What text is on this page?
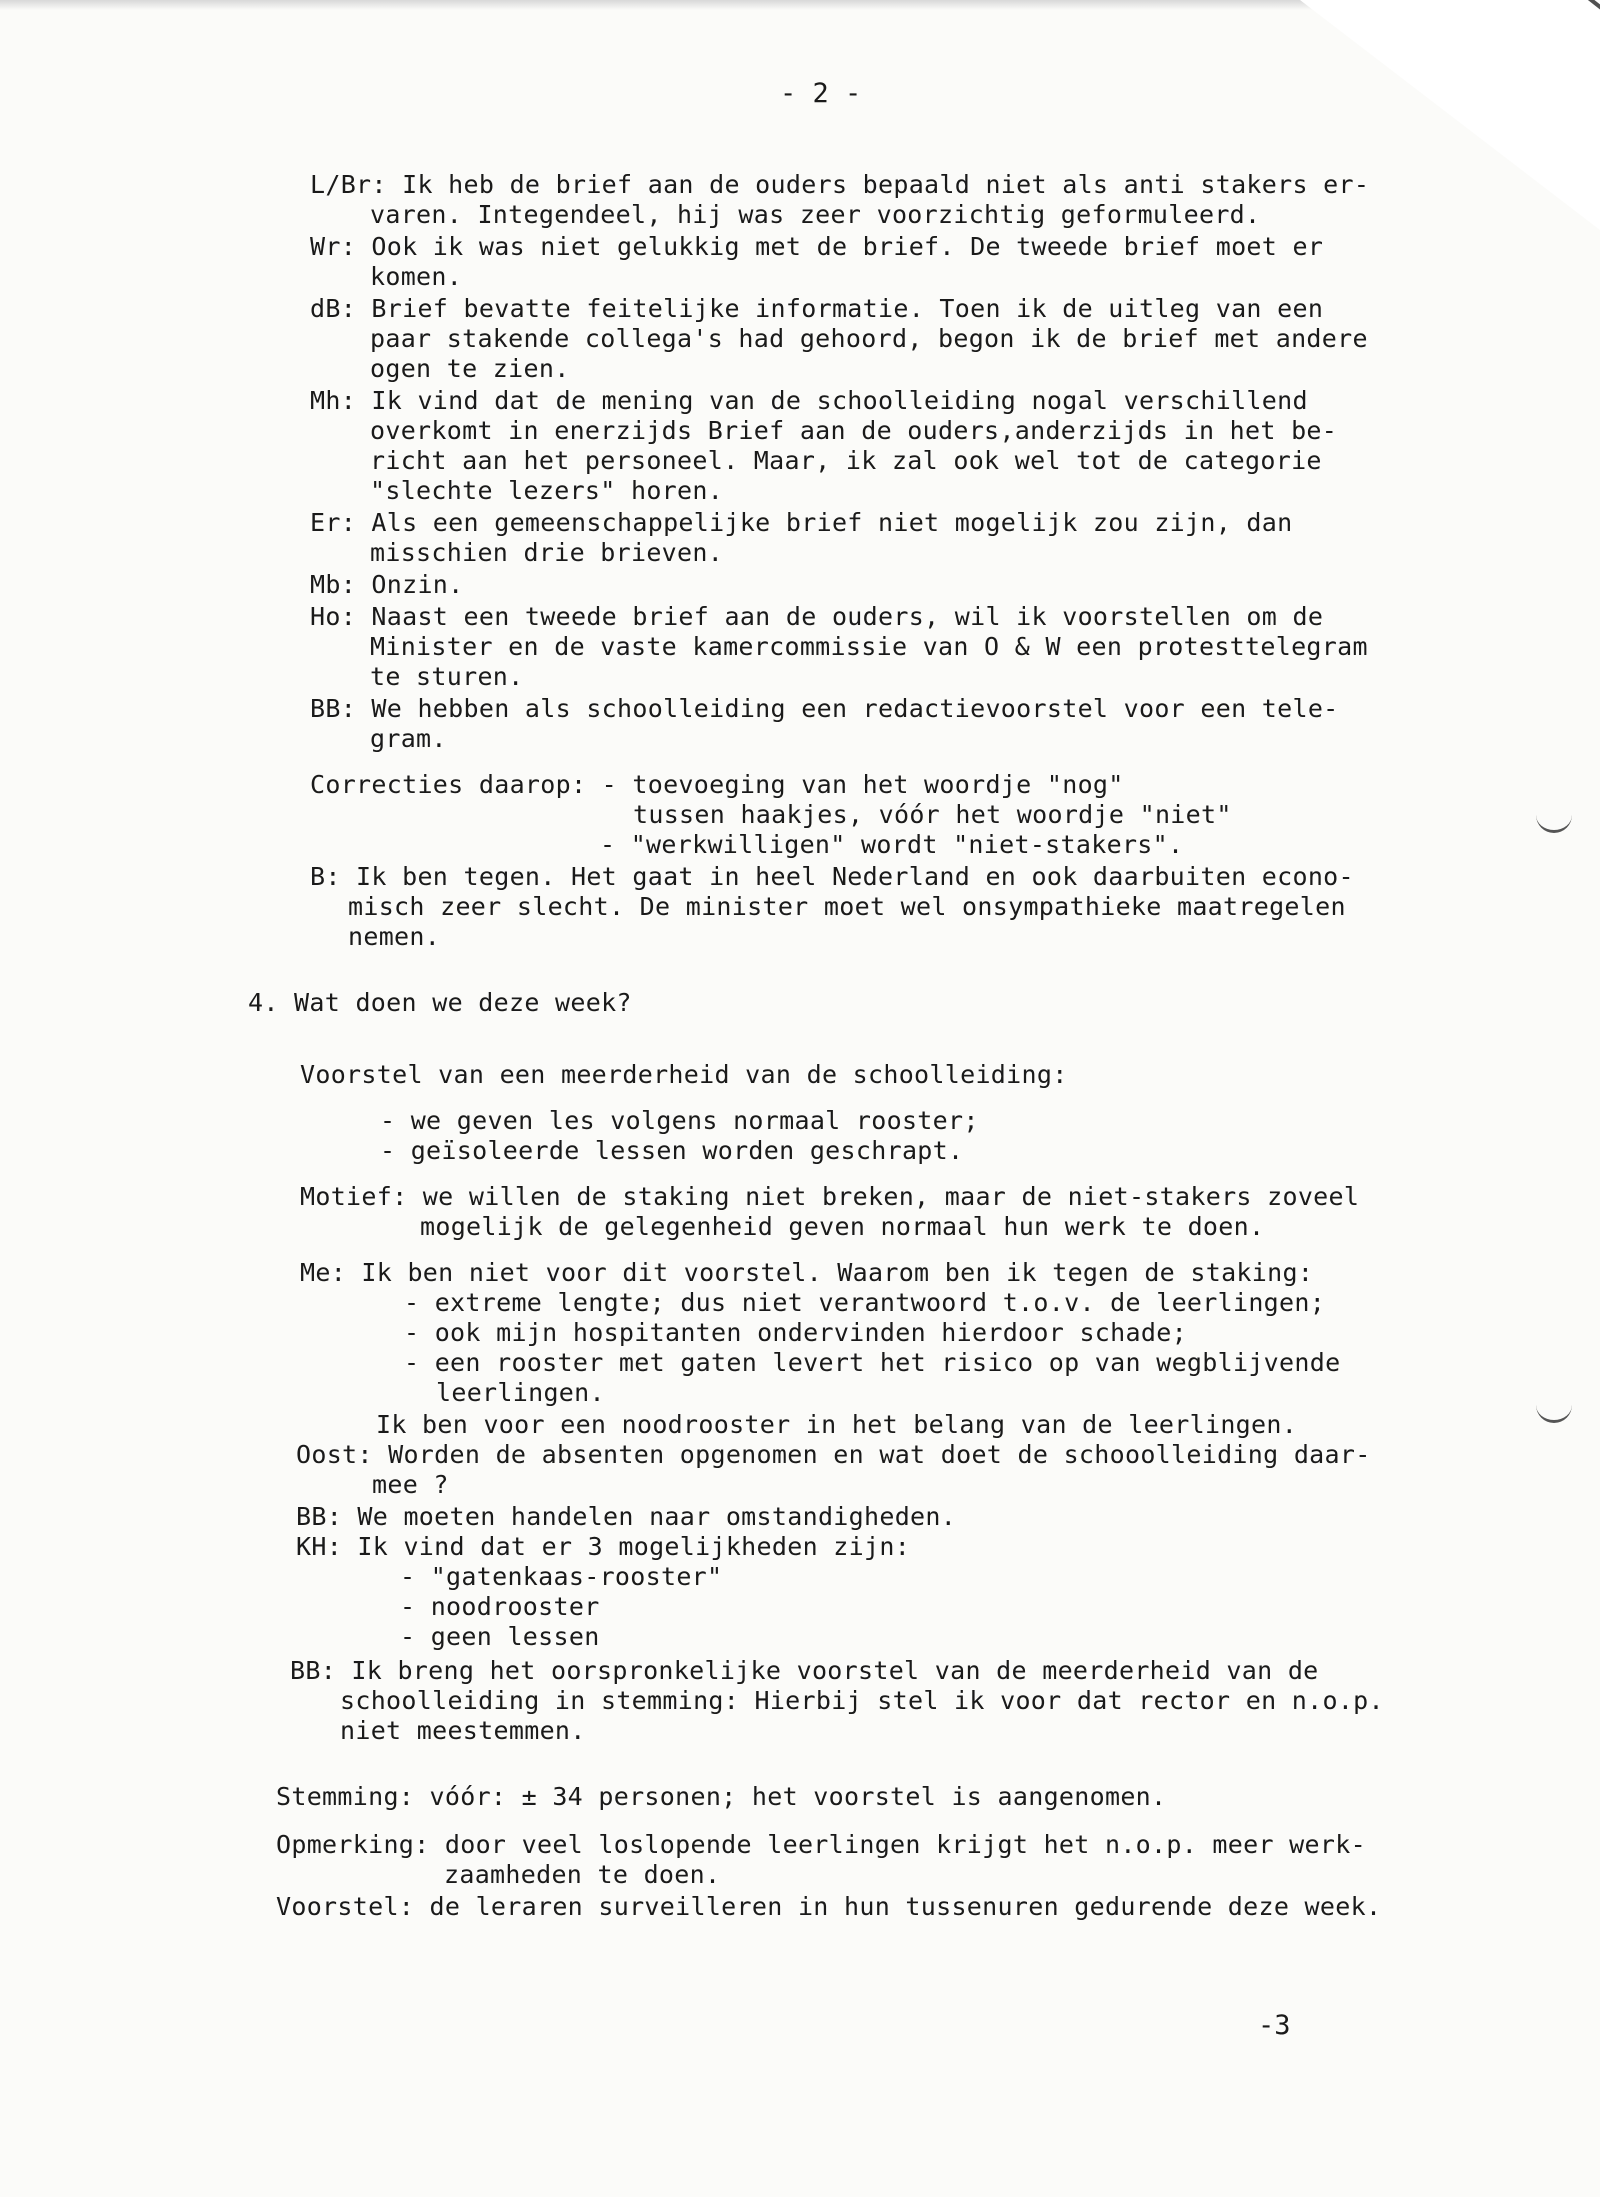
- 2 -
L/Br: Ik heb de brief aan de ouders bepaald niet als anti stakers er-
varen. Integendeel, hij was zeer voorzichtig geformuleerd.
Wr: Ook ik was niet gelukkig met de brief. De tweede brief moet er
komen.
dB: Brief bevatte feitelijke informatie. Toen ik de uitleg van een
paar stakende collega's had gehoord, begon ik de brief met andere
ogen te zien.
Mh: Ik vind dat de mening van de schoolleiding nogal verschillend
overkomt in enerzijds Brief aan de ouders,anderzijds in het be-
richt aan het personeel. Maar, ik zal ook wel tot de categorie
"slechte lezers" horen.
Er: Als een gemeenschappelijke brief niet mogelijk zou zijn, dan
misschien drie brieven.
Mb: Onzin.
Ho: Naast een tweede brief aan de ouders, wil ik voorstellen om de
Minister en de vaste kamercommissie van O & W een protesttelegram
te sturen.
BB: We hebben als schoolleiding een redactievoorstel voor een tele-
gram.
Correcties daarop: - toevoeging van het woordje "nog"
tussen haakjes, vóór het woordje "niet"
- "werkwilligen" wordt "niet-stakers".
B: Ik ben tegen. Het gaat in heel Nederland en ook daarbuiten econo-
misch zeer slecht. De minister moet wel onsympathieke maatregelen
nemen.
4. Wat doen we deze week?
Voorstel van een meerderheid van de schoolleiding:
- we geven les volgens normaal rooster;
- geïsoleerde lessen worden geschrapt.
Motief: we willen de staking niet breken, maar de niet-stakers zoveel
mogelijk de gelegenheid geven normaal hun werk te doen.
Me: Ik ben niet voor dit voorstel. Waarom ben ik tegen de staking:
- extreme lengte; dus niet verantwoord t.o.v. de leerlingen;
- ook mijn hospitanten ondervinden hierdoor schade;
- een rooster met gaten levert het risico op van wegblijvende
leerlingen.
Ik ben voor een noodrooster in het belang van de leerlingen.
Oost: Worden de absenten opgenomen en wat doet de schooolleiding daar-
mee ?
BB: We moeten handelen naar omstandigheden.
KH: Ik vind dat er 3 mogelijkheden zijn:
- "gatenkaas-rooster"
- noodrooster
- geen lessen
BB: Ik breng het oorspronkelijke voorstel van de meerderheid van de
schoolleiding in stemming: Hierbij stel ik voor dat rector en n.o.p.
niet meestemmen.
Stemming: vóór: ± 34 personen; het voorstel is aangenomen.
Opmerking: door veel loslopende leerlingen krijgt het n.o.p. meer werk-
zaamheden te doen.
Voorstel: de leraren surveilleren in hun tussenuren gedurende deze week.
-3
